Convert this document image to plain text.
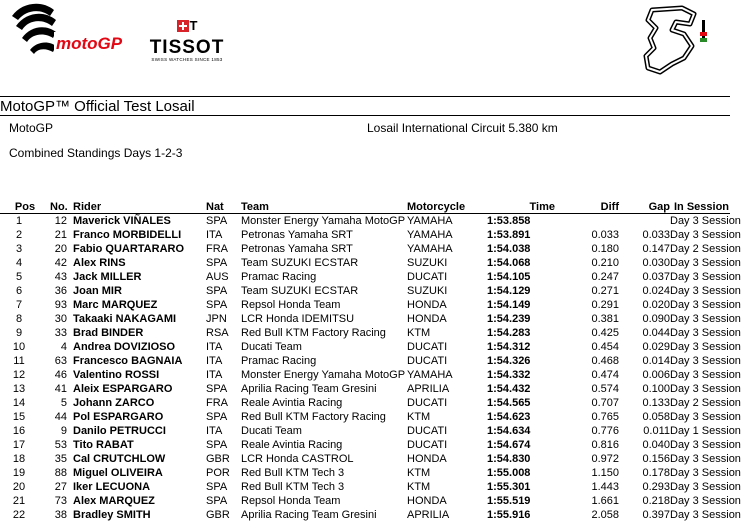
motoGP
$^T$
TISSOT
SWISS WATCHES SINCE 1853
MotoGP™ Official Test Losail
MotoGP	Losail International Circuit 5.380 km
Combined Standings Days 1-2-3
Pos	No.	Rider	Nat	Team	Motorcycle	Time	Diff	Gap	In Session
1	12	Maverick VIÑALES	SPA	Monster Energy Yamaha MotoGP	YAMAHA	1:53.858			Day 3 Session
2	21	Franco MORBIDELLI	ITA	Petronas Yamaha SRT	YAMAHA	1:53.891	0.033	0.033	Day 3 Session
3	20	Fabio QUARTARARO	FRA	Petronas Yamaha SRT	YAMAHA	1:54.038	0.180	0.147	Day 2 Session
4	42	Alex RINS	SPA	Team SUZUKI ECSTAR	SUZUKI	1:54.068	0.210	0.030	Day 3 Session
5	43	Jack MILLER	AUS	Pramac Racing	DUCATI	1:54.105	0.247	0.037	Day 3 Session
6	36	Joan MIR	SPA	Team SUZUKI ECSTAR	SUZUKI	1:54.129	0.271	0.024	Day 3 Session
7	93	Marc MARQUEZ	SPA	Repsol Honda Team	HONDA	1:54.149	0.291	0.020	Day 3 Session
8	30	Takaaki NAKAGAMI	JPN	LCR Honda IDEMITSU	HONDA	1:54.239	0.381	0.090	Day 3 Session
9	33	Brad BINDER	RSA	Red Bull KTM Factory Racing	KTM	1:54.283	0.425	0.044	Day 3 Session
10	4	Andrea DOVIZIOSO	ITA	Ducati Team	DUCATI	1:54.312	0.454	0.029	Day 3 Session
11	63	Francesco BAGNAIA	ITA	Pramac Racing	DUCATI	1:54.326	0.468	0.014	Day 3 Session
12	46	Valentino ROSSI	ITA	Monster Energy Yamaha MotoGP	YAMAHA	1:54.332	0.474	0.006	Day 3 Session
13	41	Aleix ESPARGARO	SPA	Aprilia Racing Team Gresini	APRILIA	1:54.432	0.574	0.100	Day 3 Session
14	5	Johann ZARCO	FRA	Reale Avintia Racing	DUCATI	1:54.565	0.707	0.133	Day 2 Session
15	44	Pol ESPARGARO	SPA	Red Bull KTM Factory Racing	KTM	1:54.623	0.765	0.058	Day 3 Session
16	9	Danilo PETRUCCI	ITA	Ducati Team	DUCATI	1:54.634	0.776	0.011	Day 1 Session
17	53	Tito RABAT	SPA	Reale Avintia Racing	DUCATI	1:54.674	0.816	0.040	Day 3 Session
18	35	Cal CRUTCHLOW	GBR	LCR Honda CASTROL	HONDA	1:54.830	0.972	0.156	Day 3 Session
19	88	Miguel OLIVEIRA	POR	Red Bull KTM Tech 3	KTM	1:55.008	1.150	0.178	Day 3 Session
20	27	Iker LECUONA	SPA	Red Bull KTM Tech 3	KTM	1:55.301	1.443	0.293	Day 3 Session
21	73	Alex MARQUEZ	SPA	Repsol Honda Team	HONDA	1:55.519	1.661	0.218	Day 3 Session
22	38	Bradley SMITH	GBR	Aprilia Racing Team Gresini	APRILIA	1:55.916	2.058	0.397	Day 3 Session
